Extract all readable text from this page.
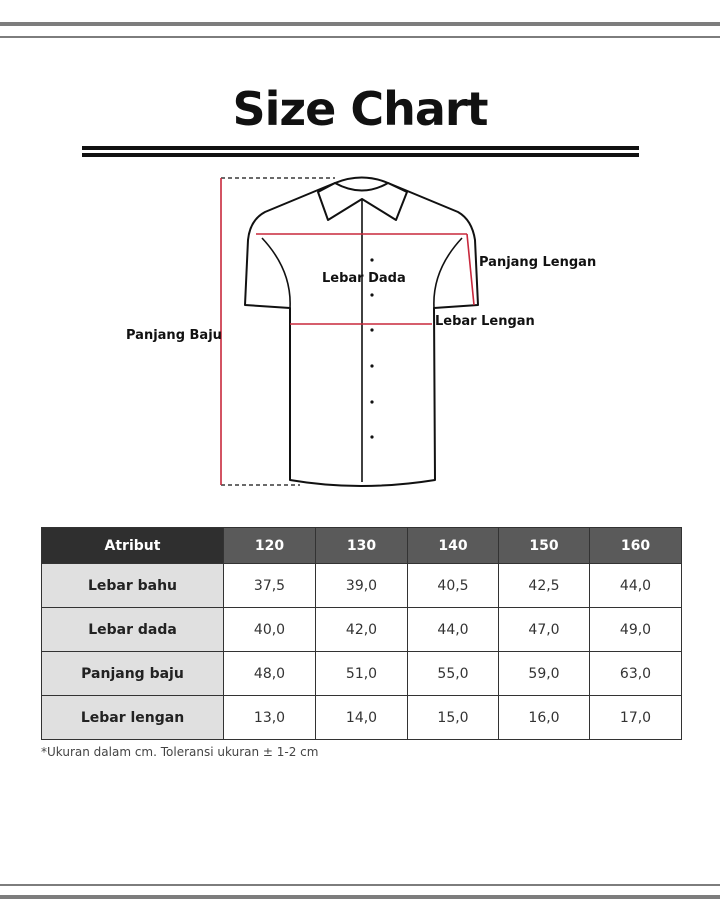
Size Chart
Lebar Dada
Panjang Lengan
Lebar Lengan
Panjang Baju
Atribut	120	130	140	150	160
Lebar bahu	37,5	39,0	40,5	42,5	44,0
Lebar dada	40,0	42,0	44,0	47,0	49,0
Panjang baju	48,0	51,0	55,0	59,0	63,0
Lebar lengan	13,0	14,0	15,0	16,0	17,0
*Ukuran dalam cm. Toleransi ukuran ± 1-2 cm
